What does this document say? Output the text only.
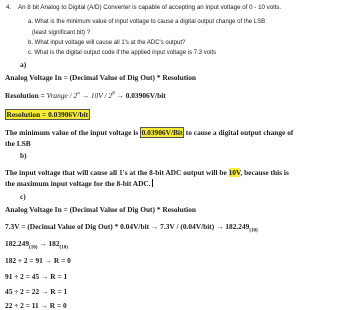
4. An 8 bit Analog to Digital (A/D) Converter is capable of accepting an input voltage of 0 - 10 volts.
a. What is the minimum value of input voltage to cause a digital output change of the LSB
(least significant bit) ?
b. What input voltage will cause all 1's at the ADC's output?
c. What is the digital output code if the applied input voltage is 7.3 volts
a)
Analog Voltage In = (Decimal Value of Dig Out) * Resolution
Resolution = Vrange / $2^n \to 10V / 2^8 \to 0.03906V/bit$
Resolution = 0.03906V/bit
The minimum value of the input voltage is 0.03906V/Bit to cause a digital output change of
the LSB
b)
The input voltage that will cause all 1's at the 8-bit ADC output will be 10V, because this is
the maximum input voltage for the 8-bit ADC.
c)
Analog Voltage In = (Decimal Value of Dig Out) * Resolution
7.3V = (Decimal Value of Dig $Out) * 0.04V/bit \to 7.3V / (0.04V/bit) \to 182.249_{(10)}$
$182.249_{(10)} \to 182_{(10)}$
182 ÷ 2 = 91 → R = 0
91 ÷ 2 = 45 → R = 1
45 ÷ 2 = 22 → R = 1
22 ÷ 2 = 11 → R = 0
